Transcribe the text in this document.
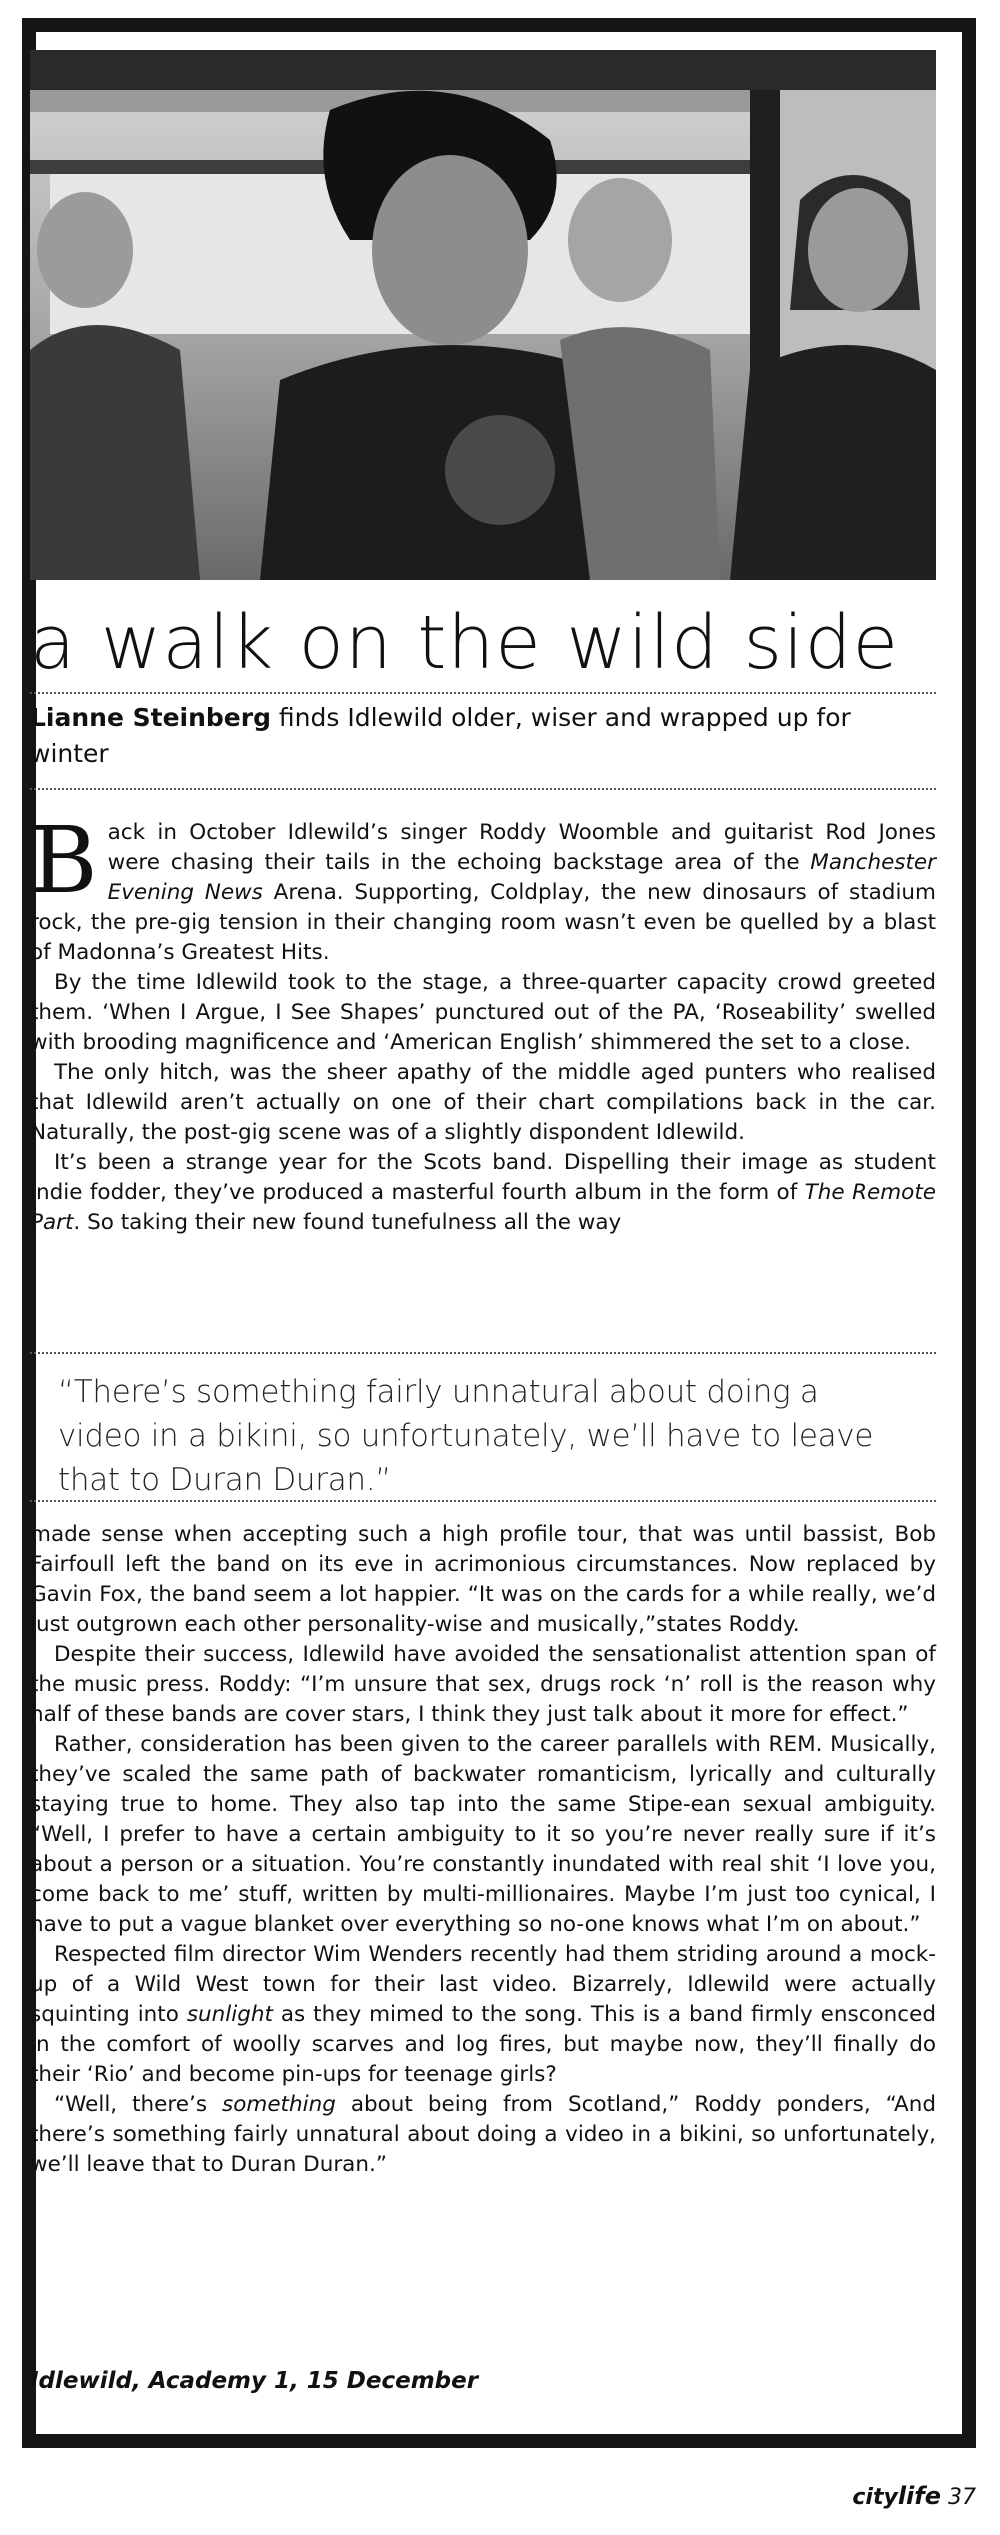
a walk on the wild side
Lianne Steinberg finds Idlewild older, wiser and wrapped up for winter

Back in October Idlewild’s singer Roddy Woomble and guitarist Rod Jones were chasing their tails in the echoing backstage area of the Manchester Evening News Arena. Supporting, Coldplay, the new dinosaurs of stadium rock, the pre-gig tension in their changing room wasn’t even be quelled by a blast of Madonna’s Greatest Hits.

By the time Idlewild took to the stage, a three-quarter capacity crowd greeted them. ‘When I Argue, I See Shapes’ punctured out of the PA, ‘Roseability’ swelled with brooding magnificence and ‘American English’ shimmered the set to a close.

The only hitch, was the sheer apathy of the middle aged punters who realised that Idlewild aren’t actually on one of their chart compilations back in the car. Naturally, the post-gig scene was of a slightly dispondent Idlewild.

It’s been a strange year for the Scots band. Dispelling their image as student indie fodder, they’ve produced a masterful fourth album in the form of The Remote Part. So taking their new found tunefulness all the way

“There’s something fairly unnatural about doing a video in a bikini, so unfortunately, we’ll have to leave that to Duran Duran.”

made sense when accepting such a high profile tour, that was until bassist, Bob Fairfoull left the band on its eve in acrimonious circumstances. Now replaced by Gavin Fox, the band seem a lot happier. “It was on the cards for a while really, we’d just outgrown each other personality-wise and musically,”states Roddy.

Despite their success, Idlewild have avoided the sensationalist attention span of the music press. Roddy: “I’m unsure that sex, drugs rock ‘n’ roll is the reason why half of these bands are cover stars, I think they just talk about it more for effect.”

Rather, consideration has been given to the career parallels with REM. Musically, they’ve scaled the same path of backwater romanticism, lyrically and culturally staying true to home. They also tap into the same Stipe-ean sexual ambiguity. “Well, I prefer to have a certain ambiguity to it so you’re never really sure if it’s about a person or a situation. You’re constantly inundated with real shit ‘I love you, come back to me’ stuff, written by multi-millionaires. Maybe I’m just too cynical, I have to put a vague blanket over everything so no-one knows what I’m on about.”

Respected film director Wim Wenders recently had them striding around a mock-up of a Wild West town for their last video. Bizarrely, Idlewild were actually squinting into sunlight as they mimed to the song. This is a band firmly ensconced in the comfort of woolly scarves and log fires, but maybe now, they’ll finally do their ‘Rio’ and become pin-ups for teenage girls?

“Well, there’s something about being from Scotland,” Roddy ponders, “And there’s something fairly unnatural about doing a video in a bikini, so unfortunately, we’ll leave that to Duran Duran.”

Idlewild, Academy 1, 15 December
citylife 37
